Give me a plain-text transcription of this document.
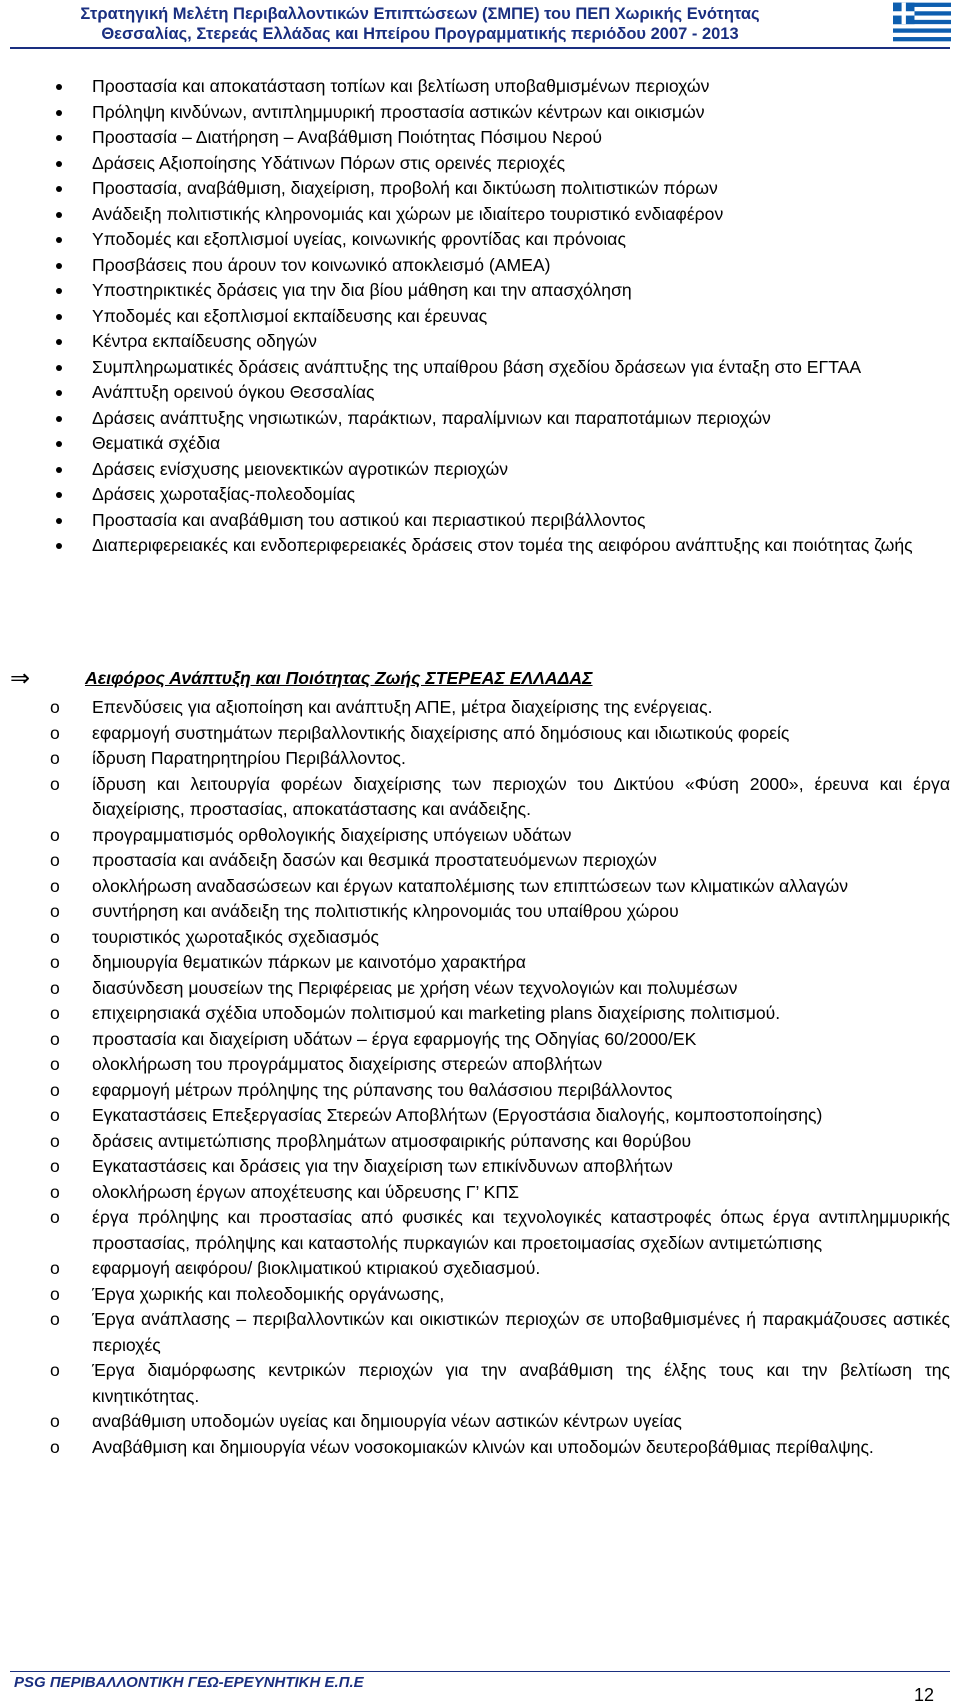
Στρατηγική Μελέτη Περιβαλλοντικών Επιπτώσεων (ΣΜΠΕ) του ΠΕΠ Χωρικής Ενότητας
Θεσσαλίας, Στερεάς Ελλάδας και Ηπείρου Προγραμματικής περιόδου 2007 - 2013
Προστασία και αποκατάσταση τοπίων και βελτίωση υποβαθμισμένων περιοχών
Πρόληψη κινδύνων, αντιπλημμυρική προστασία αστικών κέντρων και οικισμών
Προστασία – Διατήρηση – Αναβάθμιση Ποιότητας Πόσιμου Νερού
Δράσεις Αξιοποίησης Υδάτινων Πόρων στις ορεινές περιοχές
Προστασία, αναβάθμιση, διαχείριση, προβολή και δικτύωση πολιτιστικών πόρων
Ανάδειξη πολιτιστικής κληρονομιάς και χώρων με ιδιαίτερο τουριστικό ενδιαφέρον
Υποδομές και εξοπλισμοί υγείας, κοινωνικής φροντίδας και πρόνοιας
Προσβάσεις που άρουν τον κοινωνικό αποκλεισμό (ΑΜΕΑ)
Υποστηρικτικές δράσεις για την δια βίου μάθηση και την απασχόληση
Υποδομές και εξοπλισμοί εκπαίδευσης και έρευνας
Κέντρα εκπαίδευσης οδηγών
Συμπληρωματικές δράσεις ανάπτυξης της υπαίθρου βάση σχεδίου δράσεων για ένταξη στο ΕΓΤΑΑ
Ανάπτυξη ορεινού όγκου Θεσσαλίας
Δράσεις ανάπτυξης νησιωτικών, παράκτιων, παραλίμνιων και παραποτάμιων περιοχών
Θεματικά σχέδια
Δράσεις ενίσχυσης μειονεκτικών αγροτικών περιοχών
Δράσεις χωροταξίας-πολεοδομίας
Προστασία και αναβάθμιση του αστικού και περιαστικού περιβάλλοντος
Διαπεριφερειακές και ενδοπεριφερειακές δράσεις στον τομέα της αειφόρου ανάπτυξης και ποιότητας ζωής
⇒	Αειφόρος Ανάπτυξη και Ποιότητας Ζωής ΣΤΕΡΕΑΣ ΕΛΛΑΔΑΣ
o Επενδύσεις για αξιοποίηση και ανάπτυξη ΑΠΕ, μέτρα διαχείρισης της ενέργειας.
o εφαρμογή συστημάτων περιβαλλοντικής διαχείρισης από δημόσιους και ιδιωτικούς φορείς
o ίδρυση Παρατηρητηρίου Περιβάλλοντος.
o ίδρυση και λειτουργία φορέων διαχείρισης των περιοχών του Δικτύου «Φύση 2000», έρευνα και έργα διαχείρισης, προστασίας, αποκατάστασης και ανάδειξης.
o προγραμματισμός ορθολογικής διαχείρισης υπόγειων υδάτων
o προστασία και ανάδειξη δασών και θεσμικά προστατευόμενων περιοχών
o ολοκλήρωση αναδασώσεων και έργων καταπολέμισης των επιπτώσεων των κλιματικών αλλαγών
o συντήρηση και ανάδειξη της πολιτιστικής κληρονομιάς του υπαίθρου χώρου
o τουριστικός χωροταξικός σχεδιασμός
o δημιουργία θεματικών πάρκων με καινοτόμο χαρακτήρα
o διασύνδεση μουσείων της Περιφέρειας με χρήση νέων τεχνολογιών και πολυμέσων
o επιχειρησιακά σχέδια υποδομών πολιτισμού και marketing plans διαχείρισης πολιτισμού.
o προστασία και διαχείριση υδάτων – έργα εφαρμογής της Οδηγίας 60/2000/ΕΚ
o ολοκλήρωση του προγράμματος διαχείρισης στερεών αποβλήτων
o εφαρμογή μέτρων πρόληψης της ρύπανσης του θαλάσσιου περιβάλλοντος
o Εγκαταστάσεις Επεξεργασίας Στερεών Αποβλήτων (Εργοστάσια διαλογής, κομποστοποίησης)
o δράσεις αντιμετώπισης προβλημάτων ατμοσφαιρικής ρύπανσης και θορύβου
o Εγκαταστάσεις και δράσεις για την διαχείριση των επικίνδυνων αποβλήτων
o ολοκλήρωση έργων αποχέτευσης και ύδρευσης Γ’ ΚΠΣ
o έργα πρόληψης και προστασίας από φυσικές και τεχνολογικές καταστροφές όπως έργα αντιπλημμυρικής προστασίας, πρόληψης και καταστολής πυρκαγιών και προετοιμασίας σχεδίων αντιμετώπισης
o εφαρμογή αειφόρου/ βιοκλιματικού κτιριακού σχεδιασμού.
o Έργα χωρικής και πολεοδομικής οργάνωσης,
o Έργα ανάπλασης – περιβαλλοντικών και οικιστικών περιοχών σε υποβαθμισμένες ή παρακμάζουσες αστικές περιοχές
o Έργα διαμόρφωσης κεντρικών περιοχών για την αναβάθμιση της έλξης τους και την βελτίωση της κινητικότητας.
o αναβάθμιση υποδομών υγείας και δημιουργία νέων αστικών κέντρων υγείας
o Αναβάθμιση και δημιουργία νέων νοσοκομιακών κλινών και υποδομών δευτεροβάθμιας περίθαλψης.
PSG ΠΕΡΙΒΑΛΛΟΝΤΙΚΗ ΓΕΩ-ΕΡΕΥΝΗΤΙΚΗ Ε.Π.Ε
12
